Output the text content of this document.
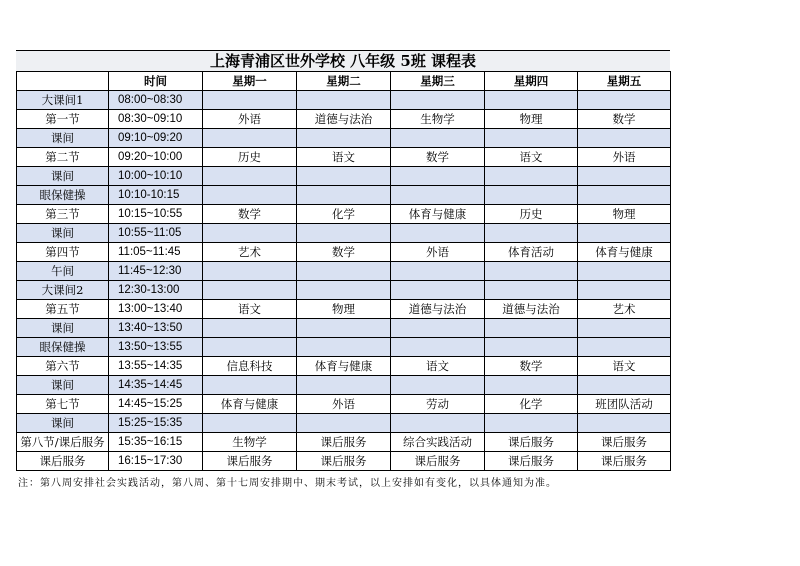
上海青浦区世外学校 八年级 5班 课程表
	时间	星期一	星期二	星期三	星期四	星期五
大课间1	08:00~08:30					
第一节	08:30~09:10	外语	道德与法治	生物学	物理	数学
课间	09:10~09:20					
第二节	09:20~10:00	历史	语文	数学	语文	外语
课间	10:00~10:10					
眼保健操	10:10-10:15					
第三节	10:15~10:55	数学	化学	体育与健康	历史	物理
课间	10:55~11:05					
第四节	11:05~11:45	艺术	数学	外语	体育活动	体育与健康
午间	11:45~12:30					
大课间2	12:30-13:00					
第五节	13:00~13:40	语文	物理	道德与法治	道德与法治	艺术
课间	13:40~13:50					
眼保健操	13:50~13:55					
第六节	13:55~14:35	信息科技	体育与健康	语文	数学	语文
课间	14:35~14:45					
第七节	14:45~15:25	体育与健康	外语	劳动	化学	班团队活动
课间	15:25~15:35					
第八节/课后服务	15:35~16:15	生物学	课后服务	综合实践活动	课后服务	课后服务
课后服务	16:15~17:30	课后服务	课后服务	课后服务	课后服务	课后服务
注：第八周安排社会实践活动，第八周、第十七周安排期中、期末考试，以上安排如有变化，以具体通知为准。
